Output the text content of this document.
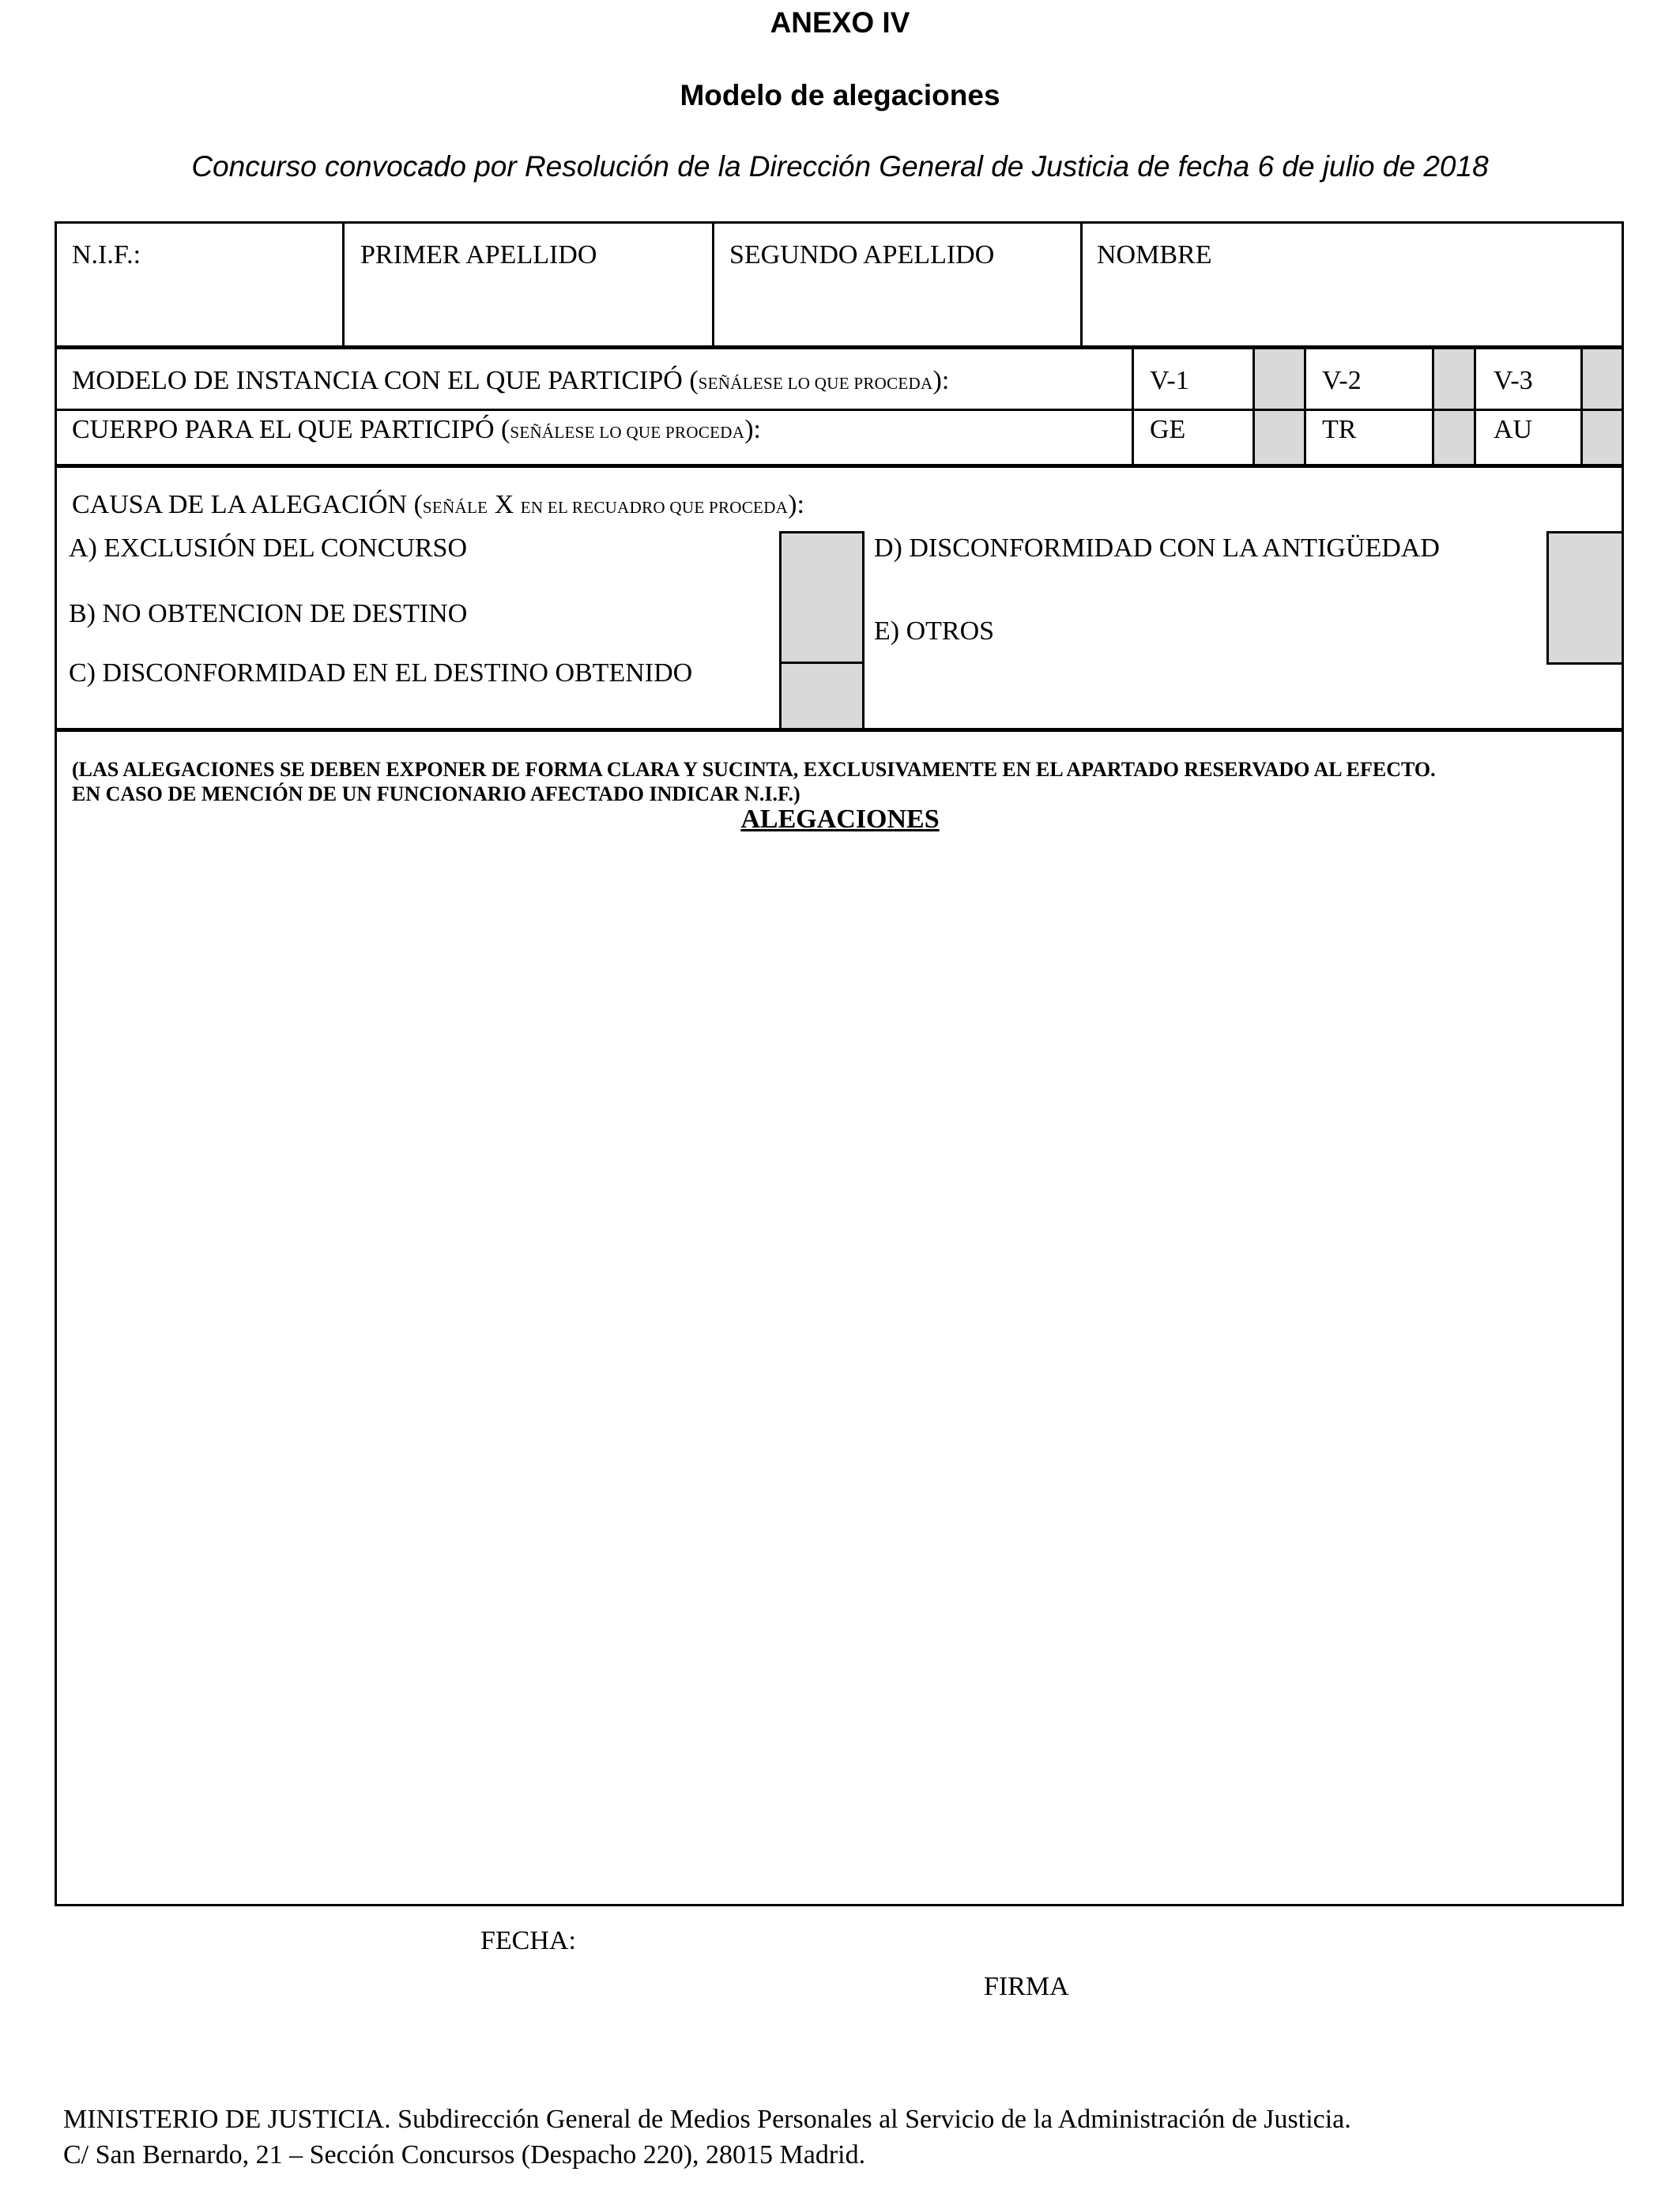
ANEXO IV
Modelo de alegaciones
Concurso convocado por Resolución de la Dirección General de Justicia de fecha 6 de julio de 2018
N.I.F.:	PRIMER APELLIDO	SEGUNDO APELLIDO	NOMBRE
MODELO DE INSTANCIA CON EL QUE PARTICIPÓ (SEÑÁLESE LO QUE PROCEDA):	V-1	V-2	V-3
CUERPO PARA EL QUE PARTICIPÓ (SEÑÁLESE LO QUE PROCEDA):	GE	TR	AU
CAUSA DE LA ALEGACIÓN (SEÑÁLE X EN EL RECUADRO QUE PROCEDA):
A) EXCLUSIÓN DEL CONCURSO
B) NO OBTENCION DE DESTINO
C) DISCONFORMIDAD EN EL DESTINO OBTENIDO
D) DISCONFORMIDAD CON LA ANTIGÜEDAD
E) OTROS
(LAS ALEGACIONES SE DEBEN EXPONER DE FORMA CLARA Y SUCINTA, EXCLUSIVAMENTE EN EL APARTADO RESERVADO AL EFECTO.
EN CASO DE MENCIÓN DE UN FUNCIONARIO AFECTADO INDICAR N.I.F.)
ALEGACIONES
FECHA:
FIRMA
MINISTERIO DE JUSTICIA. Subdirección General de Medios Personales al Servicio de la Administración de Justicia.
C/ San Bernardo, 21 – Sección Concursos (Despacho 220), 28015 Madrid.
